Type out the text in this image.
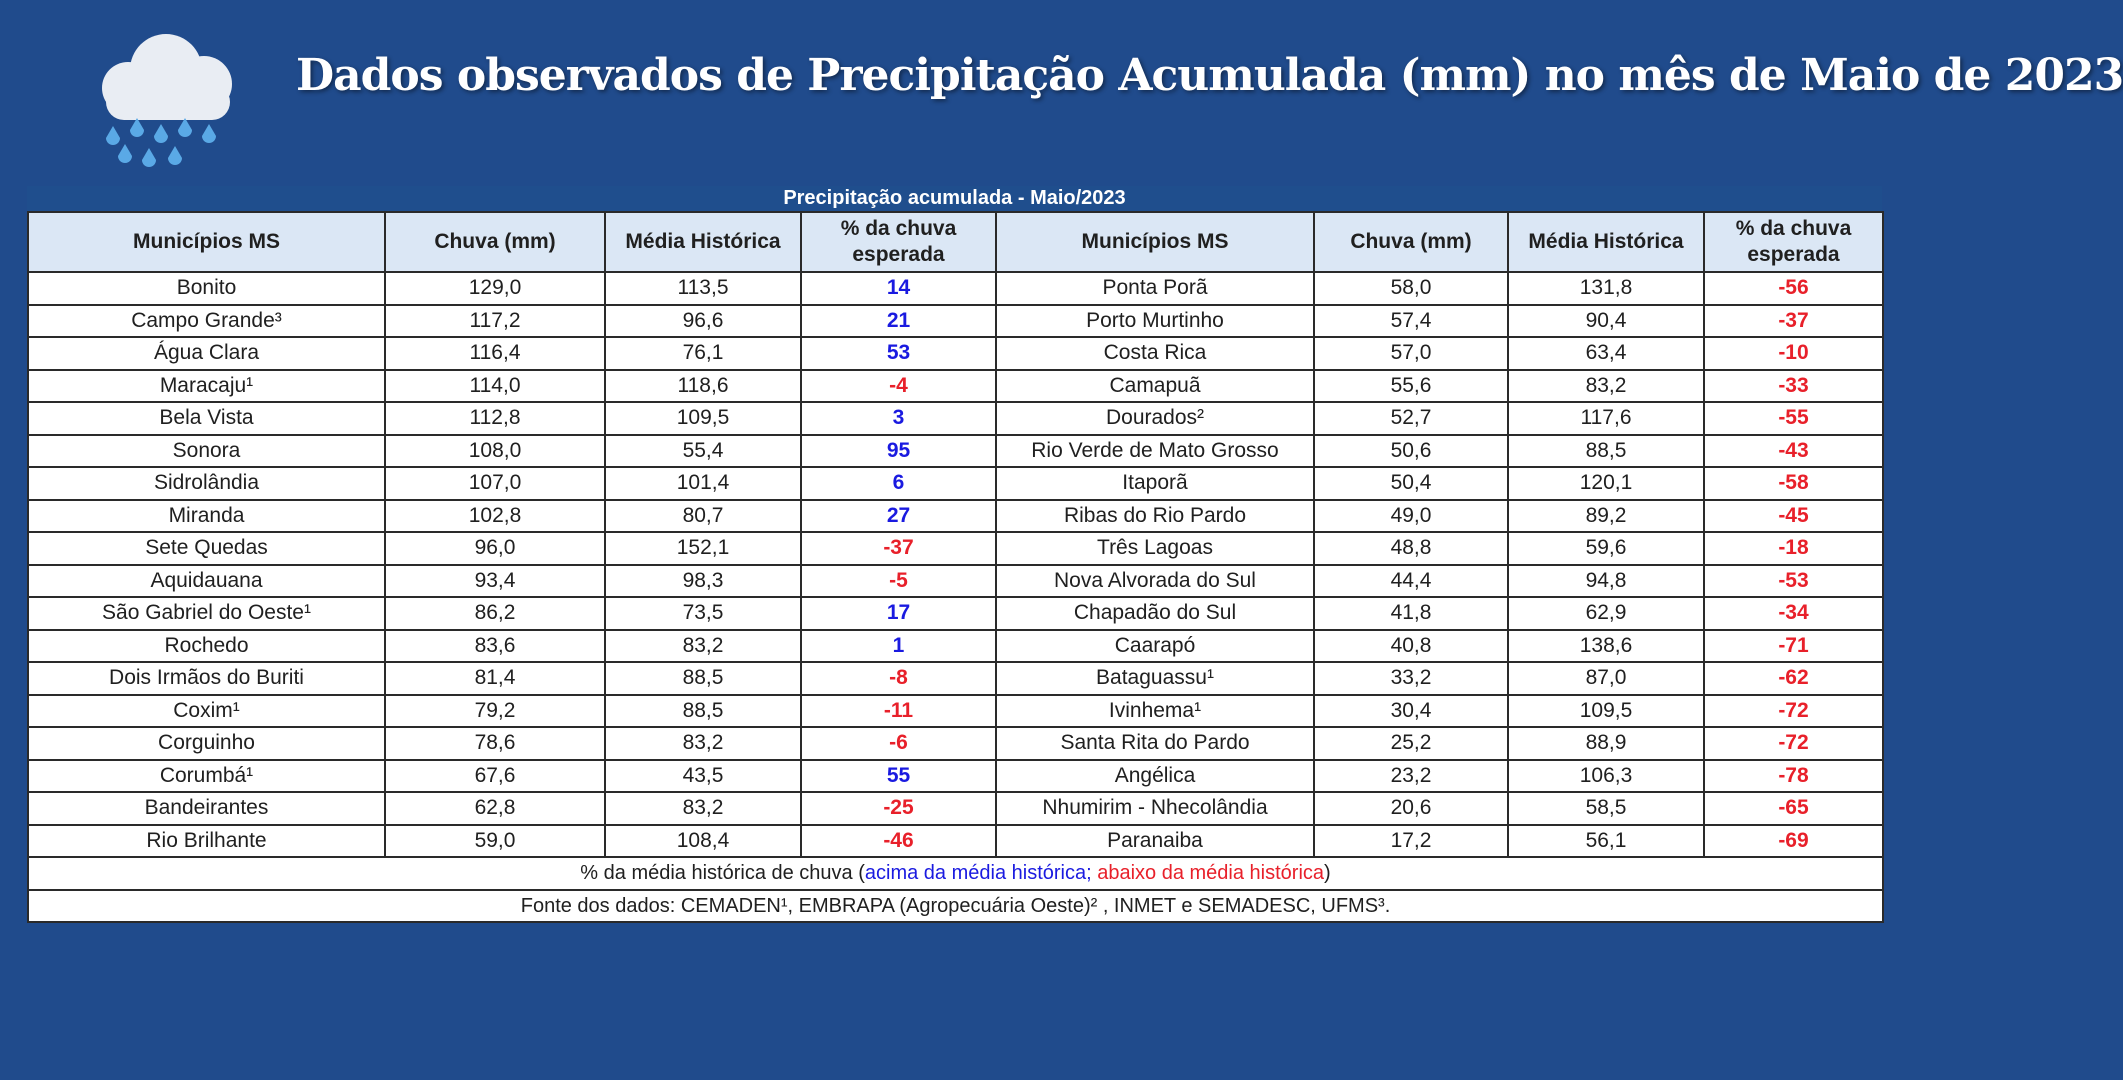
Dados observados de Precipitação Acumulada (mm) no mês de Maio de 2023
Precipitação acumulada - Maio/2023
Municípios MS	Chuva (mm)	Média Histórica	% da chuva esperada	Municípios MS	Chuva (mm)	Média Histórica	% da chuva esperada
Bonito	129,0	113,5	14	Ponta Porã	58,0	131,8	-56
Campo Grande³	117,2	96,6	21	Porto Murtinho	57,4	90,4	-37
Água Clara	116,4	76,1	53	Costa Rica	57,0	63,4	-10
Maracaju¹	114,0	118,6	-4	Camapuã	55,6	83,2	-33
Bela Vista	112,8	109,5	3	Dourados²	52,7	117,6	-55
Sonora	108,0	55,4	95	Rio Verde de Mato Grosso	50,6	88,5	-43
Sidrolândia	107,0	101,4	6	Itaporã	50,4	120,1	-58
Miranda	102,8	80,7	27	Ribas do Rio Pardo	49,0	89,2	-45
Sete Quedas	96,0	152,1	-37	Três Lagoas	48,8	59,6	-18
Aquidauana	93,4	98,3	-5	Nova Alvorada do Sul	44,4	94,8	-53
São Gabriel do Oeste¹	86,2	73,5	17	Chapadão do Sul	41,8	62,9	-34
Rochedo	83,6	83,2	1	Caarapó	40,8	138,6	-71
Dois Irmãos do Buriti	81,4	88,5	-8	Bataguassu¹	33,2	87,0	-62
Coxim¹	79,2	88,5	-11	Ivinhema¹	30,4	109,5	-72
Corguinho	78,6	83,2	-6	Santa Rita do Pardo	25,2	88,9	-72
Corumbá¹	67,6	43,5	55	Angélica	23,2	106,3	-78
Bandeirantes	62,8	83,2	-25	Nhumirim - Nhecolândia	20,6	58,5	-65
Rio Brilhante	59,0	108,4	-46	Paranaiba	17,2	56,1	-69
% da média histórica de chuva (acima da média histórica; abaixo da média histórica)							
Fonte dos dados: CEMADEN¹, EMBRAPA (Agropecuária Oeste)² , INMET e SEMADESC, UFMS³.							
